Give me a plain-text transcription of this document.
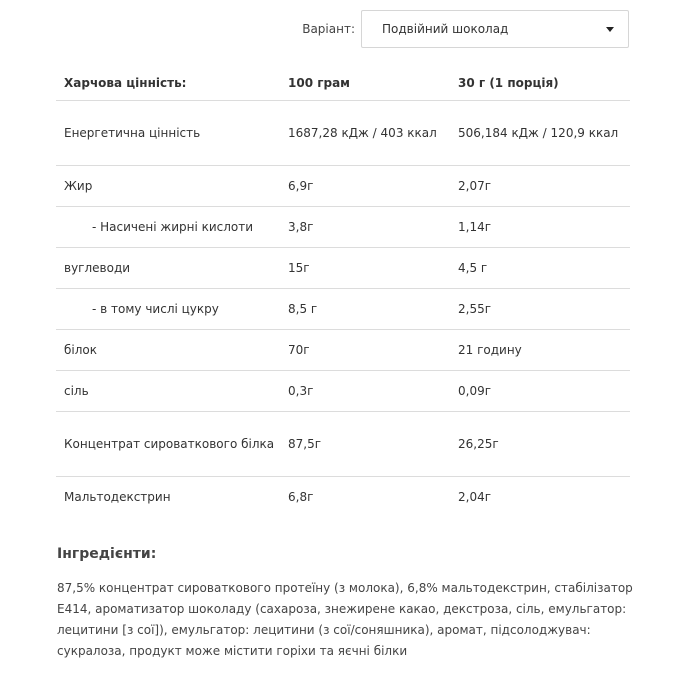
Варіант: Подвійний шоколад
Харчова цінність:	100 грам	30 г (1 порція)
Енергетична цінність	1687,28 кДж / 403 ккал	506,184 кДж / 120,9 ккал
Жир	6,9г	2,07г
- Насичені жирні кислоти	3,8г	1,14г
вуглеводи	15г	4,5 г
- в тому числі цукру	8,5 г	2,55г
білок	70г	21 годину
сіль	0,3г	0,09г
Концентрат сироваткового білка	87,5г	26,25г
Мальтодекстрин	6,8г	2,04г
Інгредієнти:
87,5% концентрат сироваткового протеїну (з молока), 6,8% мальтодекстрин, стабілізатор Е414, ароматизатор шоколаду (сахароза, знежирене какао, декстроза, сіль, емульгатор: лецитини [з сої]), емульгатор: лецитини (з сої/соняшника), аромат, підсолоджувач: сукралоза, продукт може містити горіхи та яєчні білки
